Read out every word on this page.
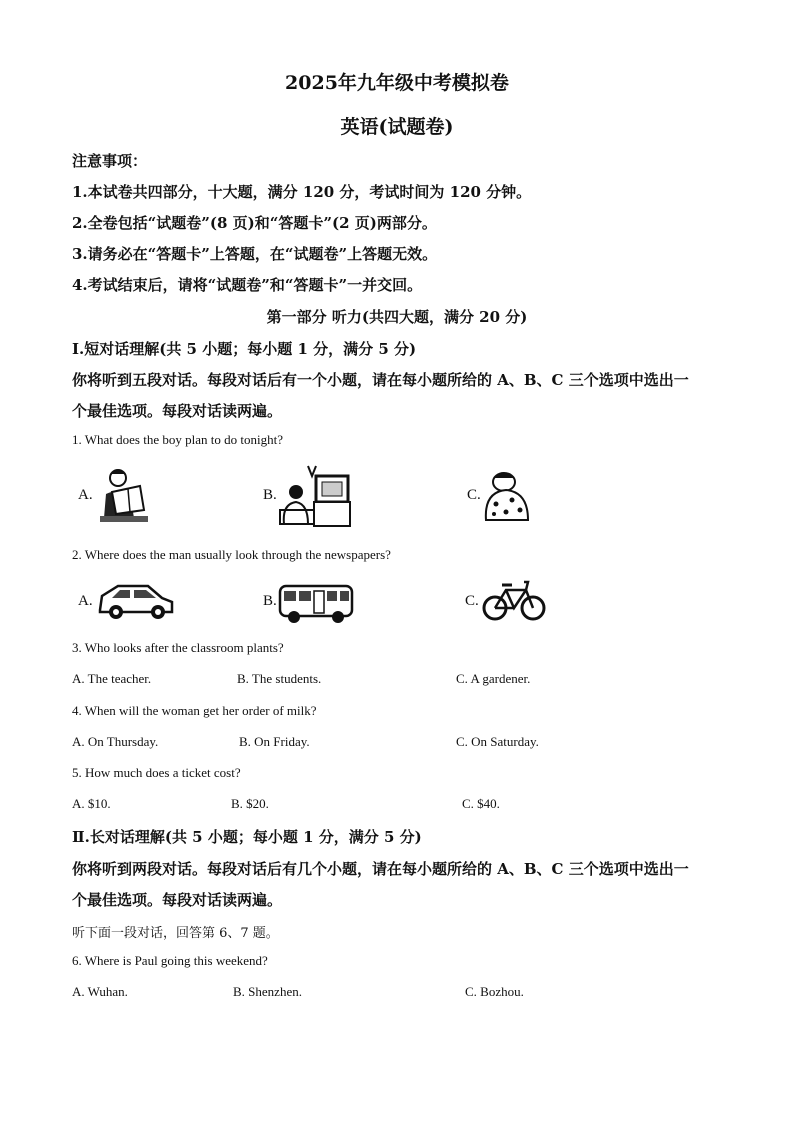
2025年九年级中考模拟卷
英语(试题卷)
注意事项：
1.本试卷共四部分，十大题，满分 120 分，考试时间为 120 分钟。
2.全卷包括“试题卷”(8 页)和“答题卡”(2 页)两部分。
3.请务必在“答题卡”上答题，在“试题卷”上答题无效。
4.考试结束后，请将“试题卷”和“答题卡”一并交回。
第一部分 听力(共四大题，满分 20 分)
Ⅰ.短对话理解(共 5 小题；每小题 1 分，满分 5 分)
你将听到五段对话。每段对话后有一个小题，请在每小题所给的 A、B、C 三个选项中选出一
个最佳选项。每段对话读两遍。
1. What does the boy plan to do tonight?
A.	B.	C.
2. Where does the man usually look through the newspapers?
A.	B.	C.
3. Who looks after the classroom plants?
A. The teacher.	B. The students.	C. A gardener.
4. When will the woman get her order of milk?
A. On Thursday.	B. On Friday.	C. On Saturday.
5. How much does a ticket cost?
A. $10.	B. $20.	C. $40.
Ⅱ.长对话理解(共 5 小题；每小题 1 分，满分 5 分)
你将听到两段对话。每段对话后有几个小题，请在每小题所给的 A、B、C 三个选项中选出一
个最佳选项。每段对话读两遍。
听下面一段对话，回答第 6、7 题。
6. Where is Paul going this weekend?
A. Wuhan.	B. Shenzhen.	C. Bozhou.
